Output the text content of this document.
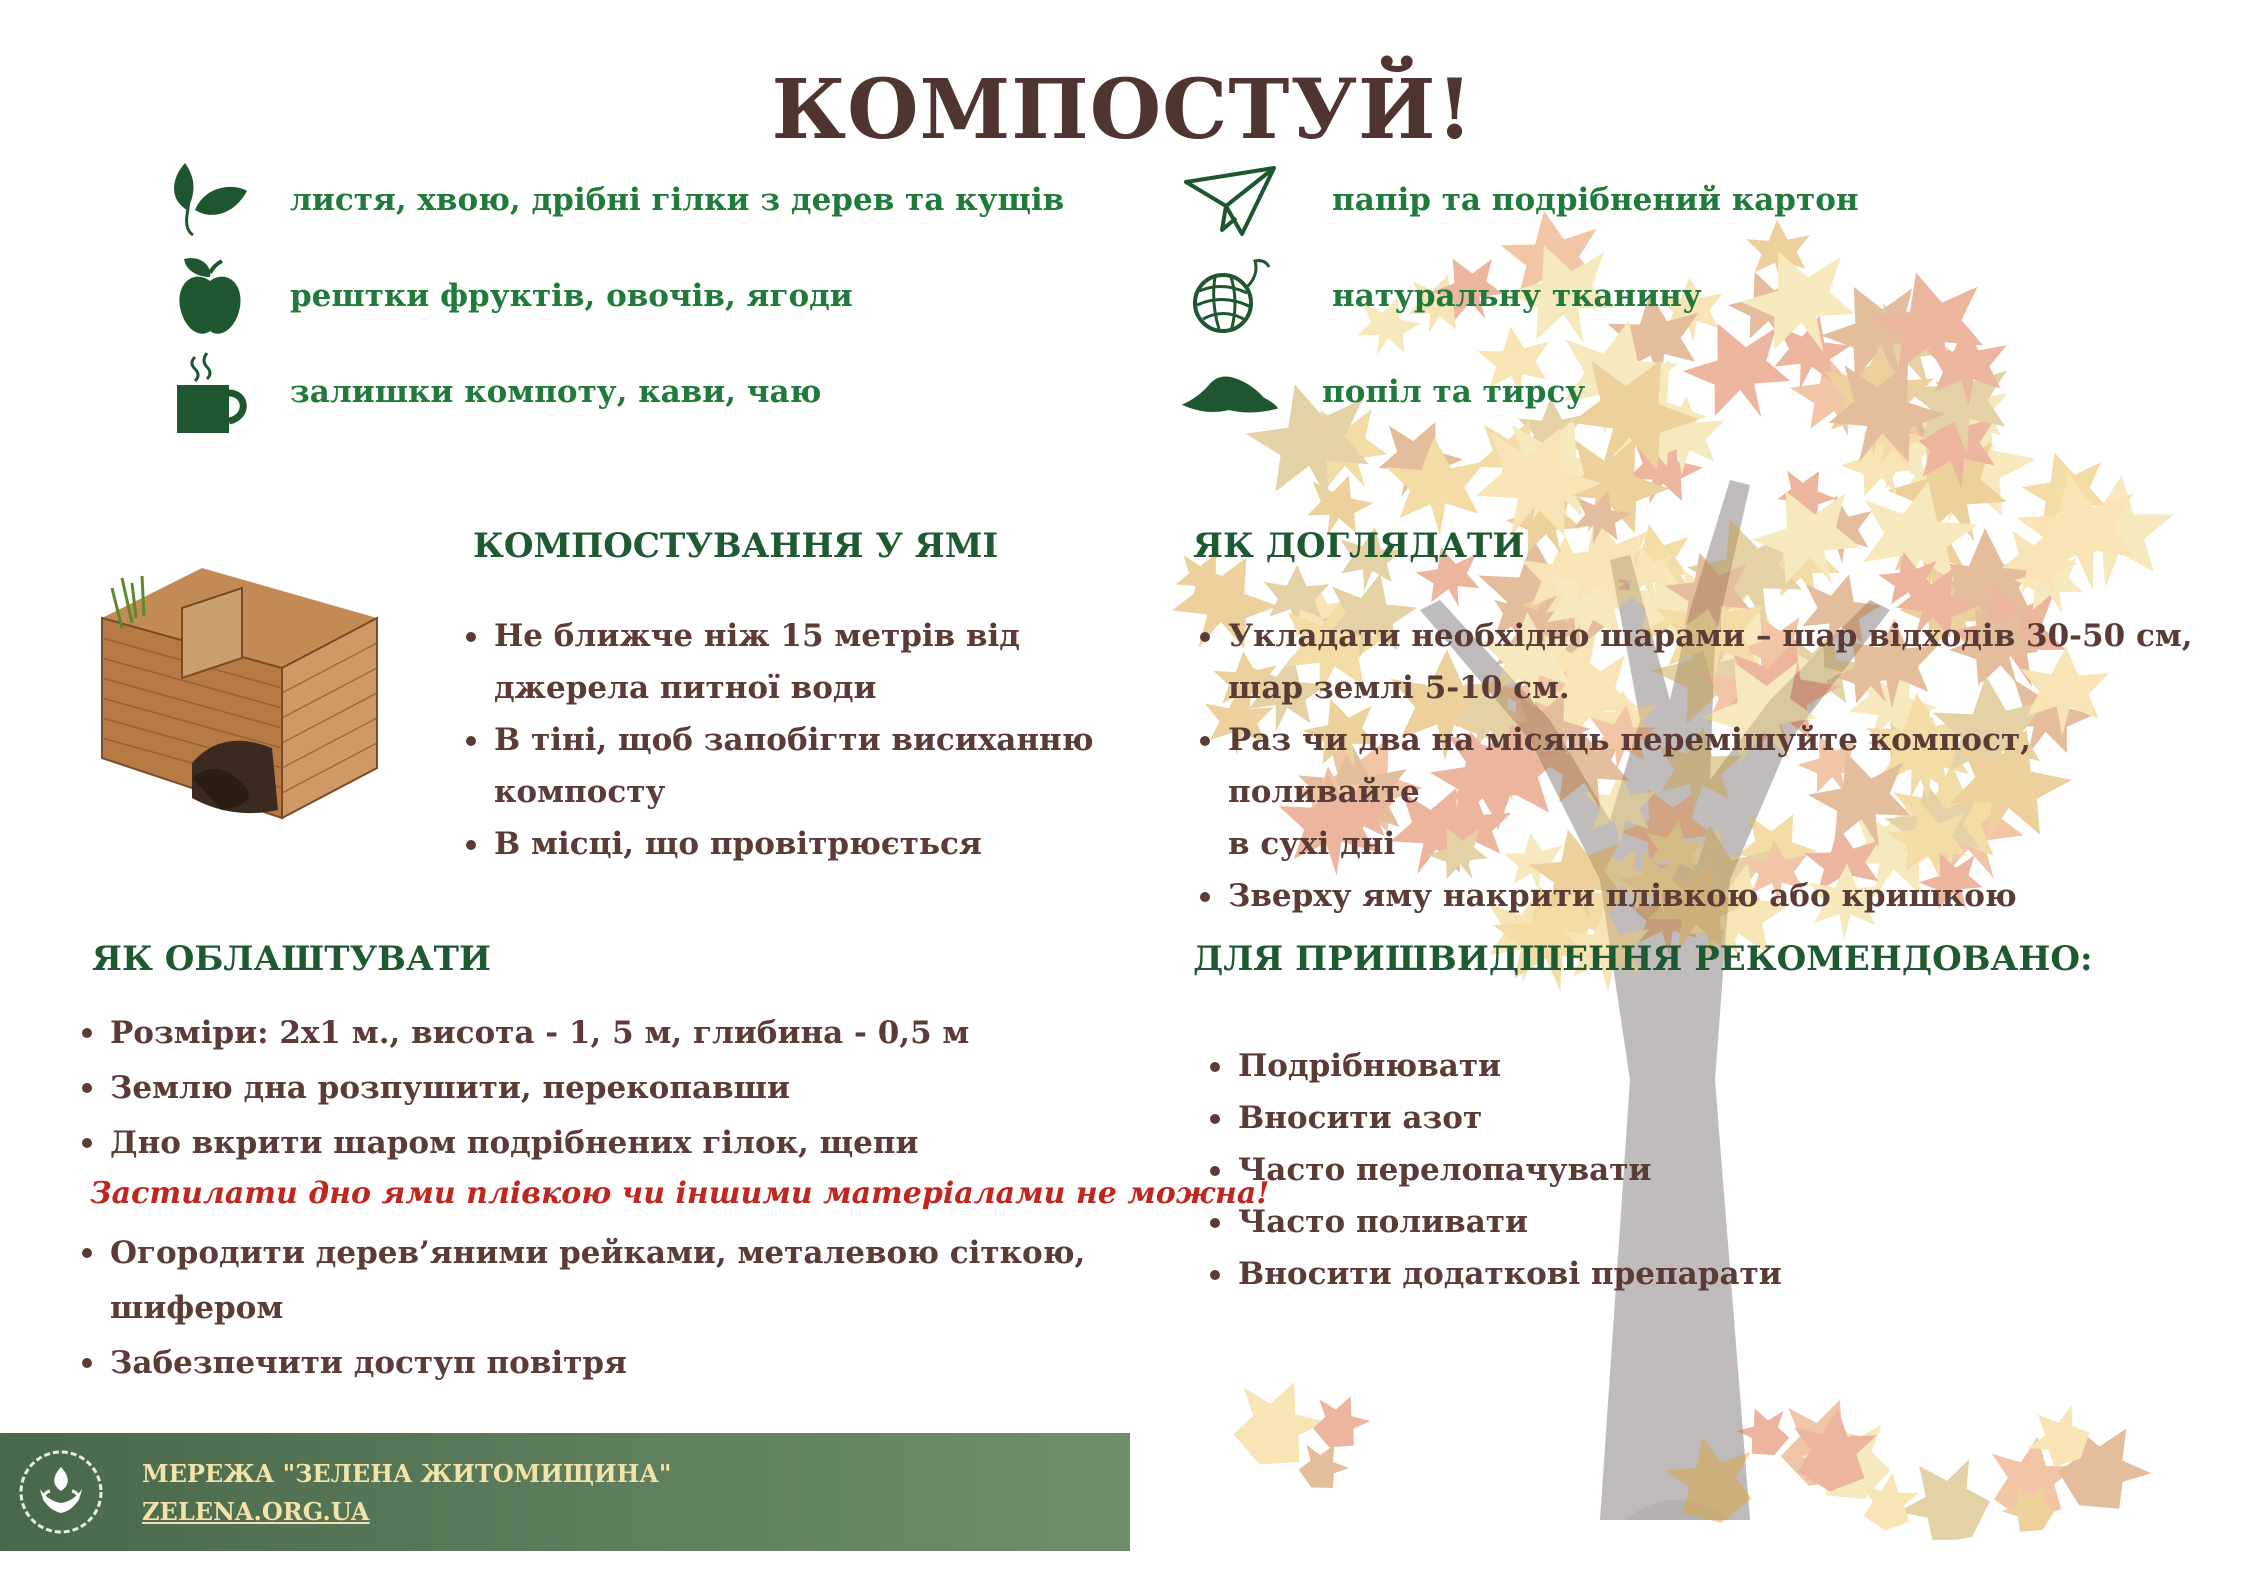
КОМПОСТУЙ!
листя, хвою, дрібні гілки з дерев та кущів
рештки фруктів, овочів, ягоди
залишки компоту, кави, чаю
папір та подрібнений картон
натуральну тканину
попіл та тирсу
КОМПОСТУВАННЯ У ЯМІ
Не ближче ніж 15 метрів від
джерела питної води
В тіні, щоб запобігти висиханню
компосту
В місці, що провітрюється
ЯК ДОГЛЯДАТИ
Укладати необхідно шарами – шар відходів 30-50 см,
шар землі 5-10 см.
Раз чи два на місяць перемішуйте компост, поливайте
в сухі дні
Зверху яму накрити плівкою або кришкою
ЯК ОБЛАШТУВАТИ
Розміри: 2х1 м., висота - 1, 5 м, глибина - 0,5 м
Землю дна розпушити, перекопавши
Дно вкрити шаром подрібнених гілок, щепи
Застилати дно ями плівкою чи іншими матеріалами не можна!
Огородити дерев’яними рейками, металевою сіткою, шифером
Забезпечити доступ повітря
ДЛЯ ПРИШВИДШЕННЯ РЕКОМЕНДОВАНО:
Подрібнювати
Вносити азот
Часто перелопачувати
Часто поливати
Вносити додаткові препарати
МЕРЕЖА "ЗЕЛЕНА ЖИТОМИЩИНА"
ZELENA.ORG.UA
